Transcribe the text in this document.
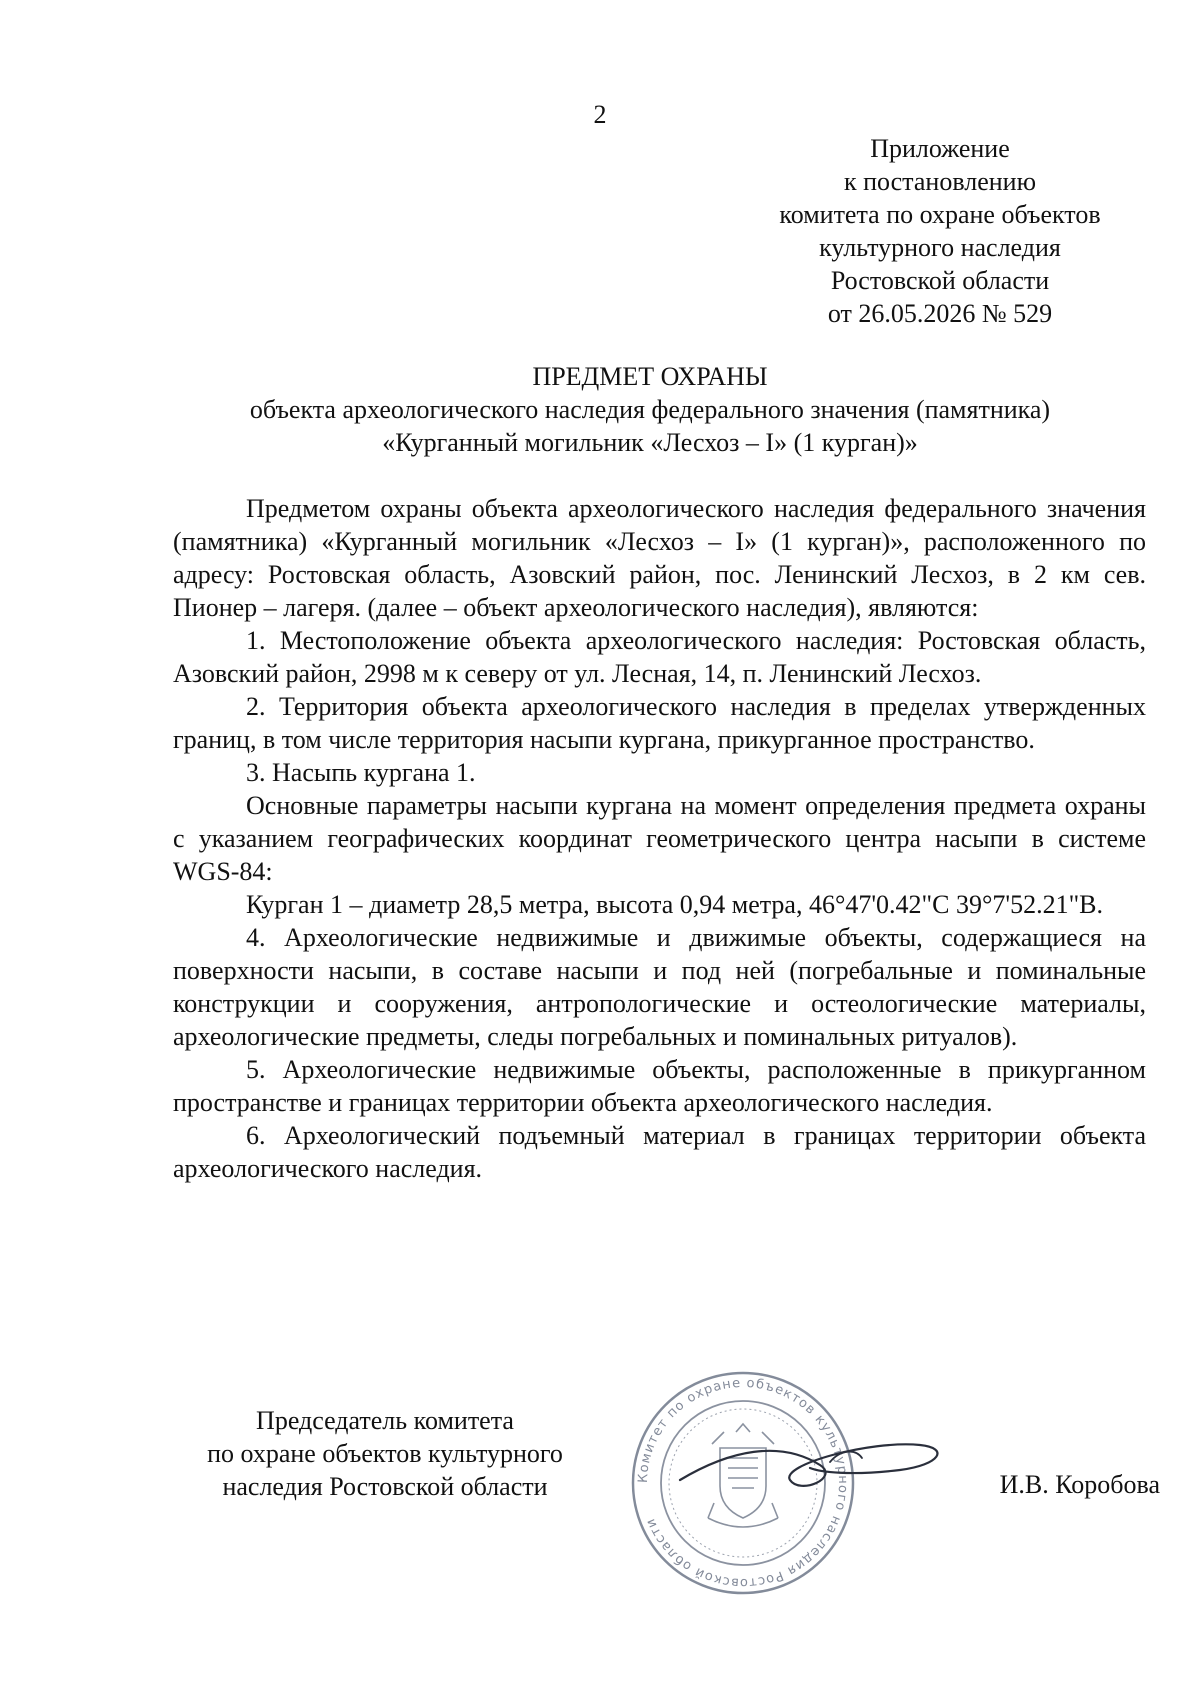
2
Приложение
к постановлению
комитета по охране объектов
культурного наследия
Ростовской области
от 26.05.2026 № 529
ПРЕДМЕТ ОХРАНЫ
объекта археологического наследия федерального значения (памятника)
«Курганный могильник «Лесхоз – I» (1 курган)»

Предметом охраны объекта археологического наследия федерального значения (памятника) «Курганный могильник «Лесхоз – I» (1 курган)», расположенного по адресу: Ростовская область, Азовский район, пос. Ленинский Лесхоз, в 2 км сев. Пионер – лагеря. (далее – объект археологического наследия), являются:

1. Местоположение объекта археологического наследия: Ростовская область, Азовский район, 2998 м к северу от ул. Лесная, 14, п. Ленинский Лесхоз.

2. Территория объекта археологического наследия в пределах утвержденных границ, в том числе территория насыпи кургана, прикурганное пространство.

3. Насыпь кургана 1.

Основные параметры насыпи кургана на момент определения предмета охраны с указанием географических координат геометрического центра насыпи в системе WGS-84:

Курган 1 – диаметр 28,5 метра, высота 0,94 метра, 46°47'0.42"С 39°7'52.21"В.

4. Археологические недвижимые и движимые объекты, содержащиеся на поверхности насыпи, в составе насыпи и под ней (погребальные и поминальные конструкции и сооружения, антропологические и остеологические материалы, археологические предметы, следы погребальных и поминальных ритуалов).

5. Археологические недвижимые объекты, расположенные в прикурганном пространстве и границах территории объекта археологического наследия.

6. Археологический подъемный материал в границах территории объекта археологического наследия.

Председатель комитета
по охране объектов культурного
наследия Ростовской области	Комитет по охране объектов культурного наследия Ростовской области
И.В. Коробова
